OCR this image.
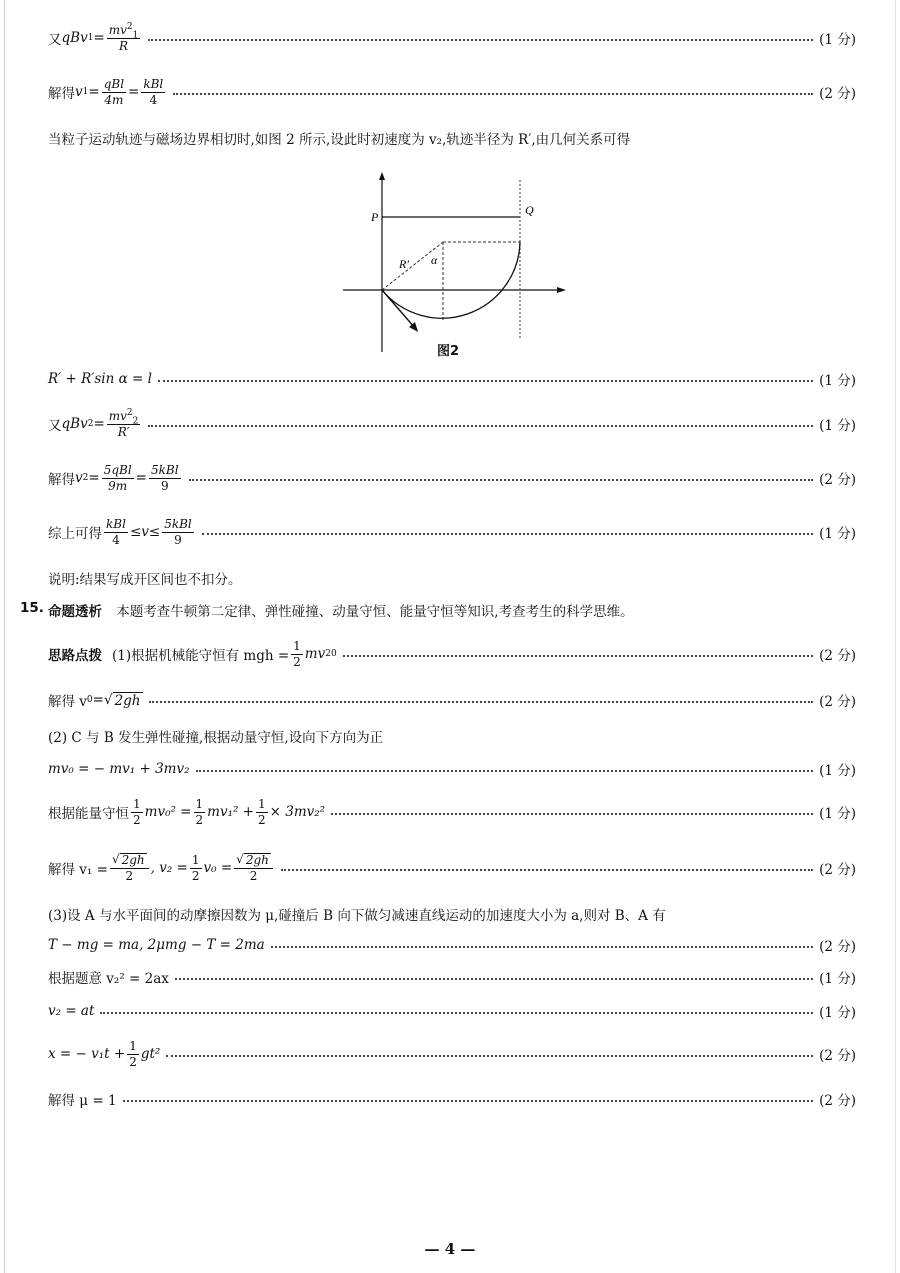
又 qBv $1 = \frac{mv^2_1}{R}$	(1 分)
解得 v $1 = \frac{\text{qBl}}{4m} = \frac{\text{kBl}}{4}$	(2 分)
当粒子运动轨迹与磁场边界相切时,如图 2 所示,设此时初速度为 v₂,轨迹半径为 R′,由几何关系可得
P	Q
R′ α
图2
R′ + R′sin α = l	(1 分)
又 qBv $2 = \frac{mv^2_2}{R'}$	(1 分)
解得 v $2 = \frac{\text{5qBl}}{9m} = \frac{\text{5kBl}}{9}$	(2 分)
综上可得 $\frac{\text{kBl}}{4} \le v\le \frac{\text{5kBl}}{9}$	(1 分)
说明:结果写成开区间也不扣分。
15. 命题透析 本题考查牛顿第二定律、弹性碰撞、动量守恒、能量守恒等知识,考查考生的科学思维。
思路点拨 (1)根据机械能守恒有 mgh = $\frac{1}{2}$ mv 2 0	(2 分)
解得 v 0 = √ 2gh	(2 分)
(2) C 与 B 发生弹性碰撞,根据动量守恒,设向下方向为正
mv₀ = − mv₁ + 3mv₂	(1 分)
根据能量守恒 $\frac{1}{2} mv_0^2 = \frac{1}{2} mv_1^2 + \frac{1}{2} \times 3mv_2^2$	(1 分)
解得 $v_1 = \frac{√ 2gh}{2}$ , $v_2 = \frac{1}{2} v_0 = \frac{√ 2gh}{2}$	(2 分)
(3)设 A 与水平面间的动摩擦因数为 μ,碰撞后 B 向下做匀减速直线运动的加速度大小为 a,则对 B、A 有
T − mg = ma, 2μmg − T = 2ma	(2 分)
根据题意 v₂² = 2ax	(1 分)
v₂ = at	(1 分)
x = − $v_1t + \frac{1}{2} gt^2$	(2 分)
解得 μ = 1	(2 分)
— 4 —
